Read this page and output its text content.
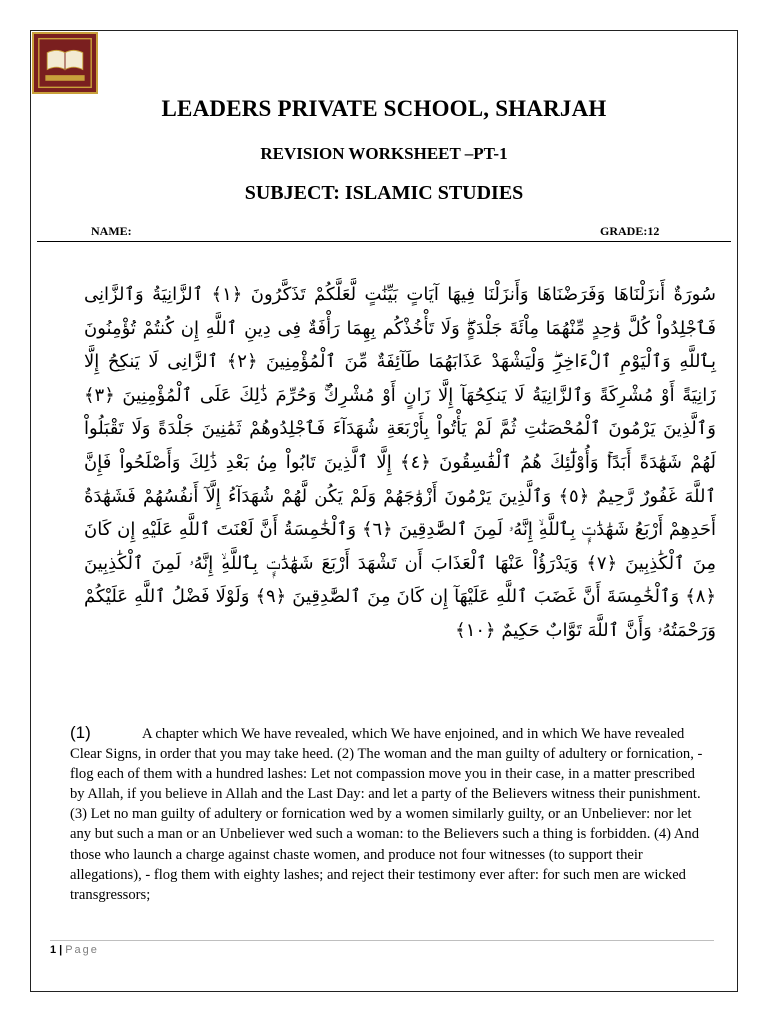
LEADERS PRIVATE SCHOOL, SHARJAH
REVISION WORKSHEET –PT-1
SUBJECT: ISLAMIC STUDIES
NAME:	GRADE:12
سُورَةٌ أَنزَلْنَاهَا وَفَرَضْنَاهَا وَأَنزَلْنَا فِيهَا آيَاتٍ بَيِّنَٰتٍ لَّعَلَّكُمْ تَذَكَّرُونَ ﴿١﴾ ٱلزَّانِيَةُ وَٱلزَّانِى فَٱجْلِدُواْ كُلَّ وَٰحِدٍ مِّنْهُمَا مِاْئَةَ جَلْدَةٍ‌ۖ وَلَا تَأْخُذْكُم بِهِمَا رَأْفَةٌ فِى دِينِ ٱللَّهِ إِن كُنتُمْ تُؤْمِنُونَ بِٱللَّهِ وَٱلْيَوْمِ ٱلْءَاخِرِ‌ۖ وَلْيَشْهَدْ عَذَابَهُمَا طَآئِفَةٌ مِّنَ ٱلْمُؤْمِنِينَ ﴿٢﴾ ٱلزَّانِى لَا يَنكِحُ إِلَّا زَانِيَةً أَوْ مُشْرِكَةً وَٱلزَّانِيَةُ لَا يَنكِحُهَآ إِلَّا زَانٍ أَوْ مُشْرِكٌ‌ۚ وَحُرِّمَ ذَٰلِكَ عَلَى ٱلْمُؤْمِنِينَ ﴿٣﴾ وَٱلَّذِينَ يَرْمُونَ ٱلْمُحْصَنَٰتِ ثُمَّ لَمْ يَأْتُواْ بِأَرْبَعَةِ شُهَدَآءَ فَٱجْلِدُوهُمْ ثَمَٰنِينَ جَلْدَةً وَلَا تَقْبَلُواْ لَهُمْ شَهَٰدَةً أَبَدًا‌ۚ وَأُوْلَٰٓئِكَ هُمُ ٱلْفَٰسِقُونَ ﴿٤﴾ إِلَّا ٱلَّذِينَ تَابُواْ مِنۢ بَعْدِ ذَٰلِكَ وَأَصْلَحُواْ فَإِنَّ ٱللَّهَ غَفُورٌ رَّحِيمٌ ﴿٥﴾ وَٱلَّذِينَ يَرْمُونَ أَزْوَٰجَهُمْ وَلَمْ يَكُن لَّهُمْ شُهَدَآءُ إِلَّآ أَنفُسُهُمْ فَشَهَٰدَةُ أَحَدِهِمْ أَرْبَعُ شَهَٰدَٰتٍۭ بِٱللَّهِ‌ۙ إِنَّهُۥ لَمِنَ ٱلصَّٰدِقِينَ ﴿٦﴾ وَٱلْخَٰمِسَةُ أَنَّ لَعْنَتَ ٱللَّهِ عَلَيْهِ إِن كَانَ مِنَ ٱلْكَٰذِبِينَ ﴿٧﴾ وَيَدْرَؤُاْ عَنْهَا ٱلْعَذَابَ أَن تَشْهَدَ أَرْبَعَ شَهَٰدَٰتٍۭ بِٱللَّهِ‌ۙ إِنَّهُۥ لَمِنَ ٱلْكَٰذِبِينَ ﴿٨﴾ وَٱلْخَٰمِسَةَ أَنَّ غَضَبَ ٱللَّهِ عَلَيْهَآ إِن كَانَ مِنَ ٱلصَّٰدِقِينَ ﴿٩﴾ وَلَوْلَا فَضْلُ ٱللَّهِ عَلَيْكُمْ وَرَحْمَتُهُۥ وَأَنَّ ٱللَّهَ تَوَّابٌ حَكِيمٌ ﴿١٠﴾
(1)	A chapter which We have revealed, which We have enjoined, and in which We have revealed Clear Signs, in order that you may take heed. (2) The woman and the man guilty of adultery or fornication, - flog each of them with a hundred lashes: Let not compassion move you in their case, in a matter prescribed by Allah, if you believe in Allah and the Last Day: and let a party of the Believers witness their punishment. (3) Let no man guilty of adultery or fornication wed by a women similarly guilty, or an Unbeliever: nor let any but such a man or an Unbeliever wed such a woman: to the Believers such a thing is forbidden. (4) And those who launch a charge against chaste women, and produce not four witnesses (to support their allegations), - flog them with eighty lashes; and reject their testimony ever after: for such men are wicked transgressors;
1 | Page
